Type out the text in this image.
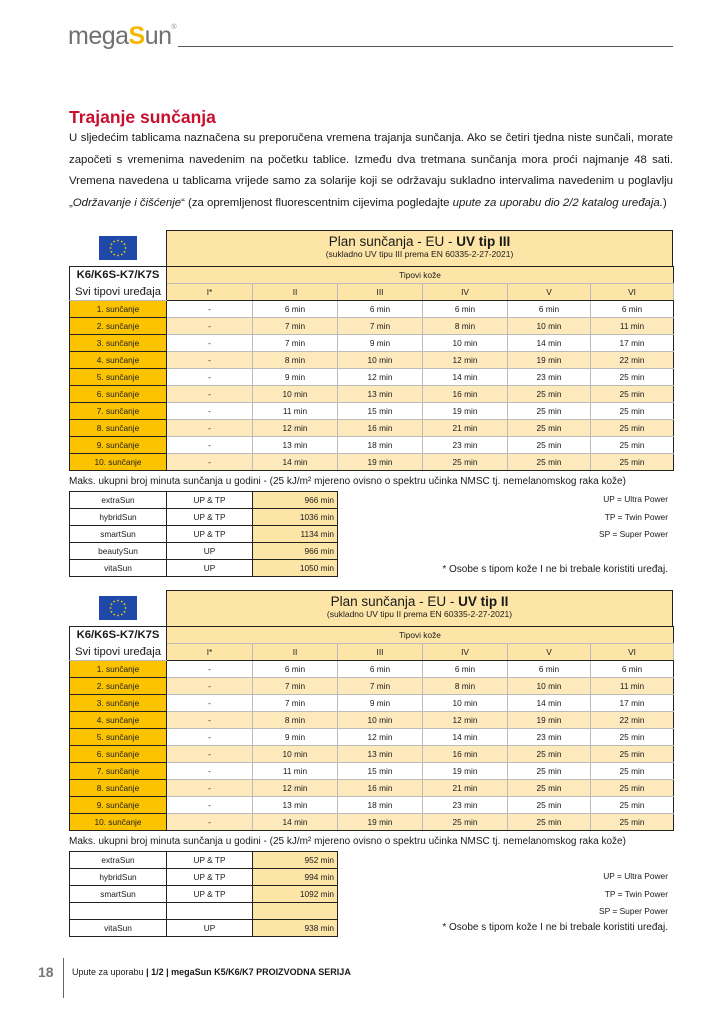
megaSun®
Trajanje sunčanja
U sljedećim tablicama naznačena su preporučena vremena trajanja sunčanja. Ako se četiri tjedna niste sunčali, morate započeti s vremenima navedenim na početku tablice. Između dva tretmana sunčanja mora proći najmanje 48 sati. Vremena navedena u tablicama vrijede samo za solarije koji se održavaju sukladno intervalima navedenim u poglavlju „Održavanje i čišćenje“ (za opremljenost fluorescentnim cijevima pogledajte upute za uporabu dio 2/2 katalog uređaja.)
Plan sunčanja - EU - UV tip III
(sukladno UV tipu III prema EN 60335-2-27-2021)
K6/K6S-K7/K7S	Tipovi kože					
Svi tipovi uređaja	I*	II	III	IV	V	VI
1. sunčanje	-	6 min	6 min	6 min	6 min	6 min
2. sunčanje	-	7 min	7 min	8 min	10 min	11 min
3. sunčanje	-	7 min	9 min	10 min	14 min	17 min
4. sunčanje	-	8 min	10 min	12 min	19 min	22 min
5. sunčanje	-	9 min	12 min	14 min	23 min	25 min
6. sunčanje	-	10 min	13 min	16 min	25 min	25 min
7. sunčanje	-	11 min	15 min	19 min	25 min	25 min
8. sunčanje	-	12 min	16 min	21 min	25 min	25 min
9. sunčanje	-	13 min	18 min	23 min	25 min	25 min
10. sunčanje	-	14 min	19 min	25 min	25 min	25 min
Plan sunčanja - EU - UV tip II
(sukladno UV tipu II prema EN 60335-2-27-2021)
K6/K6S-K7/K7S	Tipovi kože					
Svi tipovi uređaja	I*	II	III	IV	V	VI
1. sunčanje	-	6 min	6 min	6 min	6 min	6 min
2. sunčanje	-	7 min	7 min	8 min	10 min	11 min
3. sunčanje	-	7 min	9 min	10 min	14 min	17 min
4. sunčanje	-	8 min	10 min	12 min	19 min	22 min
5. sunčanje	-	9 min	12 min	14 min	23 min	25 min
6. sunčanje	-	10 min	13 min	16 min	25 min	25 min
7. sunčanje	-	11 min	15 min	19 min	25 min	25 min
8. sunčanje	-	12 min	16 min	21 min	25 min	25 min
9. sunčanje	-	13 min	18 min	23 min	25 min	25 min
10. sunčanje	-	14 min	19 min	25 min	25 min	25 min
Maks. ukupni broj minuta sunčanja u godini - (25 kJ/m² mjereno ovisno o spektru učinka NMSC tj. nemelanomskog raka kože)
extraSun	UP & TP	966 min
hybridSun	UP & TP	1036 min
smartSun	UP & TP	1134 min
beautySun	UP	966 min
vitaSun	UP	1050 min
UP = Ultra Power
TP = Twin Power
SP = Super Power
* Osobe s tipom kože I ne bi trebale koristiti uređaj.
Maks. ukupni broj minuta sunčanja u godini - (25 kJ/m² mjereno ovisno o spektru učinka NMSC tj. nemelanomskog raka kože)
extraSun	UP & TP	952 min
hybridSun	UP & TP	994 min
smartSun	UP & TP	1092 min

vitaSun	UP	938 min
UP = Ultra Power
TP = Twin Power
SP = Super Power
* Osobe s tipom kože I ne bi trebale koristiti uređaj.
18 Upute za uporabu | 1/2 | megaSun K5/K6/K7 PROIZVODNA SERIJA
